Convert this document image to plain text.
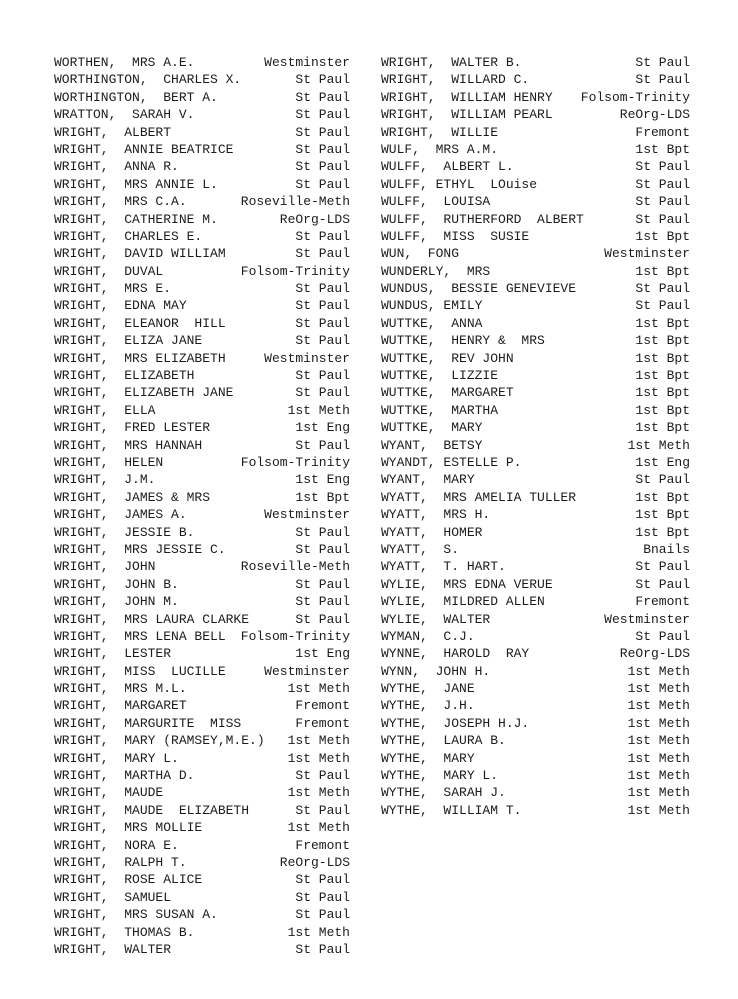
WORTHEN,  MRS A.E.	Westminster
WORTHINGTON,  CHARLES X.	St Paul
WORTHINGTON,  BERT A.	St Paul
WRATTON,  SARAH V.	St Paul
WRIGHT,  ALBERT	St Paul
WRIGHT,  ANNIE BEATRICE	St Paul
WRIGHT,  ANNA R.	St Paul
WRIGHT,  MRS ANNIE L.	St Paul
WRIGHT,  MRS C.A.	Roseville-Meth
WRIGHT,  CATHERINE M.	ReOrg-LDS
WRIGHT,  CHARLES E.	St Paul
WRIGHT,  DAVID WILLIAM	St Paul
WRIGHT,  DUVAL	Folsom-Trinity
WRIGHT,  MRS E.	St Paul
WRIGHT,  EDNA MAY	St Paul
WRIGHT,  ELEANOR  HILL	St Paul
WRIGHT,  ELIZA JANE	St Paul
WRIGHT,  MRS ELIZABETH	Westminster
WRIGHT,  ELIZABETH	St Paul
WRIGHT,  ELIZABETH JANE	St Paul
WRIGHT,  ELLA	1st Meth
WRIGHT,  FRED LESTER	1st Eng
WRIGHT,  MRS HANNAH	St Paul
WRIGHT,  HELEN	Folsom-Trinity
WRIGHT,  J.M.	1st Eng
WRIGHT,  JAMES & MRS	1st Bpt
WRIGHT,  JAMES A.	Westminster
WRIGHT,  JESSIE B.	St Paul
WRIGHT,  MRS JESSIE C.	St Paul
WRIGHT,  JOHN	Roseville-Meth
WRIGHT,  JOHN B.	St Paul
WRIGHT,  JOHN M.	St Paul
WRIGHT,  MRS LAURA CLARKE	St Paul
WRIGHT,  MRS LENA BELL Folsom-Trinity
WRIGHT,  LESTER	1st Eng
WRIGHT,  MISS  LUCILLE	Westminster
WRIGHT,  MRS M.L.	1st Meth
WRIGHT,  MARGARET	Fremont
WRIGHT,  MARGURITE  MISS	Fremont
WRIGHT,  MARY (RAMSEY,M.E.) 1st Meth
WRIGHT,  MARY L.	1st Meth
WRIGHT,  MARTHA D.	St Paul
WRIGHT,  MAUDE	1st Meth
WRIGHT,  MAUDE  ELIZABETH	St Paul
WRIGHT,  MRS MOLLIE	1st Meth
WRIGHT,  NORA E.	Fremont
WRIGHT,  RALPH T.	ReOrg-LDS
WRIGHT,  ROSE ALICE	St Paul
WRIGHT,  SAMUEL	St Paul
WRIGHT,  MRS SUSAN A.	St Paul
WRIGHT,  THOMAS B.	1st Meth
WRIGHT,  WALTER	St Paul
WRIGHT,  WALTER B.	St Paul
WRIGHT,  WILLARD C.	St Paul
WRIGHT,  WILLIAM HENRY Folsom-Trinity
WRIGHT,  WILLIAM PEARL	ReOrg-LDS
WRIGHT,  WILLIE	Fremont
WULF,  MRS A.M.	1st Bpt
WULFF,  ALBERT L.	St Paul
WULFF, ETHYL  LOuise	St Paul
WULFF,  LOUISA	St Paul
WULFF,  RUTHERFORD  ALBERT	St Paul
WULFF,  MISS  SUSIE	1st Bpt
WUN,  FONG	Westminster
WUNDERLY,  MRS	1st Bpt
WUNDUS,  BESSIE GENEVIEVE	St Paul
WUNDUS, EMILY	St Paul
WUTTKE,  ANNA	1st Bpt
WUTTKE,  HENRY &  MRS	1st Bpt
WUTTKE,  REV JOHN	1st Bpt
WUTTKE,  LIZZIE	1st Bpt
WUTTKE,  MARGARET	1st Bpt
WUTTKE,  MARTHA	1st Bpt
WUTTKE,  MARY	1st Bpt
WYANT,  BETSY	1st Meth
WYANDT, ESTELLE P.	1st Eng
WYANT,  MARY	St Paul
WYATT,  MRS AMELIA TULLER	1st Bpt
WYATT,  MRS H.	1st Bpt
WYATT,  HOMER	1st Bpt
WYATT,  S.	Bnails
WYATT,  T. HART.	St Paul
WYLIE,  MRS EDNA VERUE	St Paul
WYLIE,  MILDRED ALLEN	Fremont
WYLIE,  WALTER	Westminster
WYMAN,  C.J.	St Paul
WYNNE,  HAROLD  RAY	ReOrg-LDS
WYNN,  JOHN H.	1st Meth
WYTHE,  JANE	1st Meth
WYTHE,  J.H.	1st Meth
WYTHE,  JOSEPH H.J.	1st Meth
WYTHE,  LAURA B.	1st Meth
WYTHE,  MARY	1st Meth
WYTHE,  MARY L.	1st Meth
WYTHE,  SARAH J.	1st Meth
WYTHE,  WILLIAM T.	1st Meth
